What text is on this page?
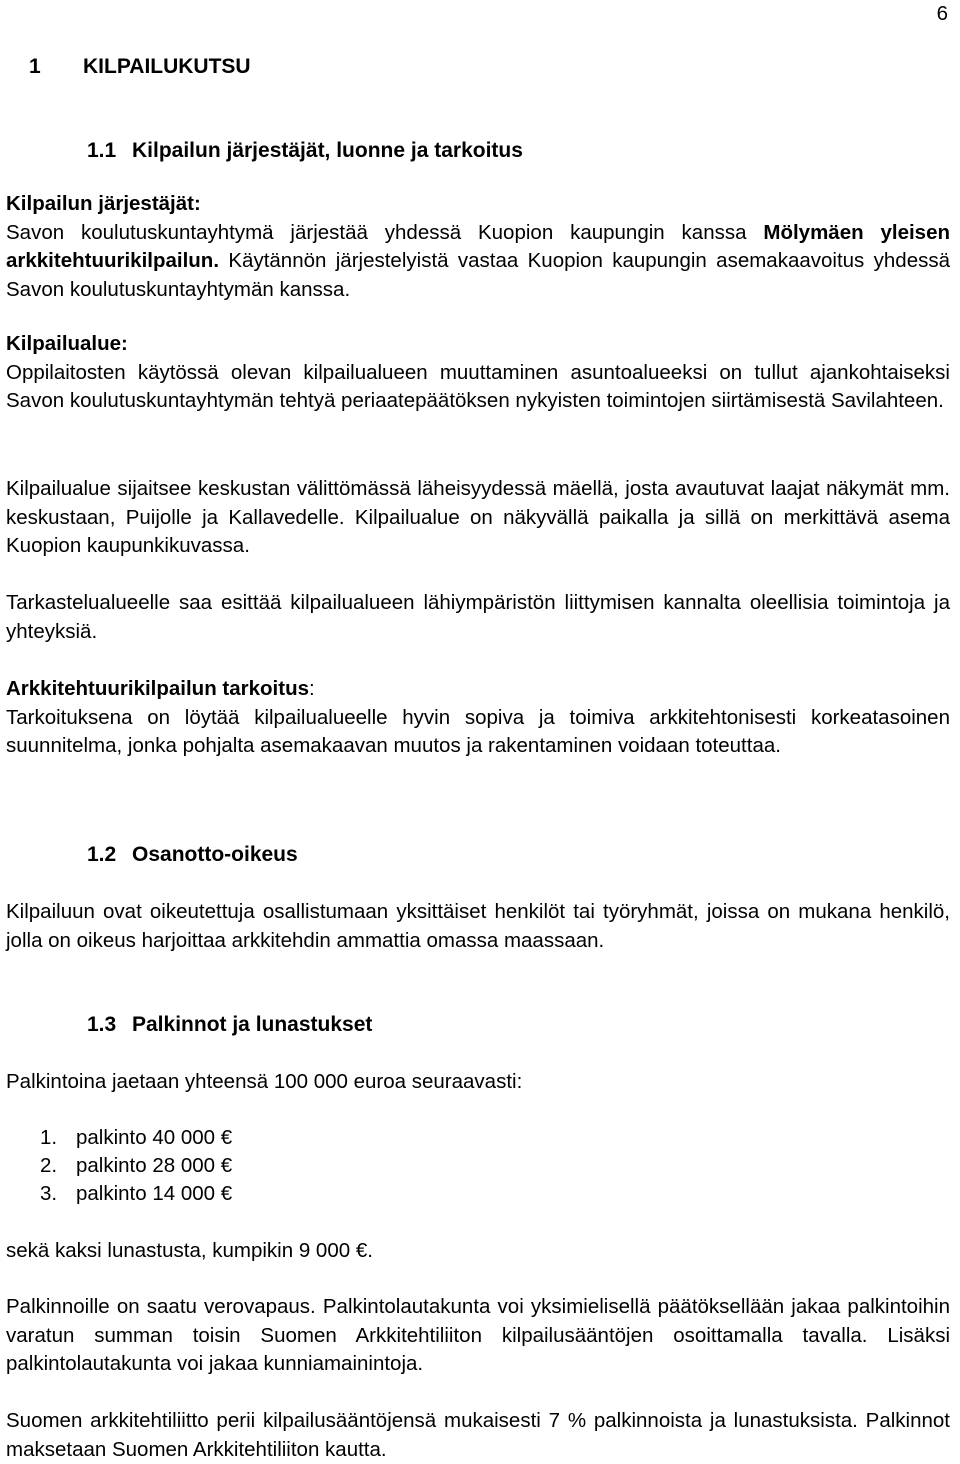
6
1 KILPAILUKUTSU
1.1 Kilpailun järjestäjät, luonne ja tarkoitus

Kilpailun järjestäjät:
Savon koulutuskuntayhtymä järjestää yhdessä Kuopion kaupungin kanssa Mölymäen yleisen arkkitehtuurikilpailun. Käytännön järjestelyistä vastaa Kuopion kaupungin asemakaavoitus yhdessä Savon koulutuskuntayhtymän kanssa.

Kilpailualue:
Oppilaitosten käytössä olevan kilpailualueen muuttaminen asuntoalueeksi on tullut ajankohtaiseksi Savon koulutuskuntayhtymän tehtyä periaatepäätöksen nykyisten toimintojen siirtämisestä Savilahteen.

Kilpailualue sijaitsee keskustan välittömässä läheisyydessä mäellä, josta avautuvat laajat näkymät mm. keskustaan, Puijolle ja Kallavedelle. Kilpailualue on näkyvällä paikalla ja sillä on merkittävä asema Kuopion kaupunkikuvassa.

Tarkastelualueelle saa esittää kilpailualueen lähiympäristön liittymisen kannalta oleellisia toimintoja ja yhteyksiä.

Arkkitehtuurikilpailun tarkoitus:
Tarkoituksena on löytää kilpailualueelle hyvin sopiva ja toimiva arkkitehtonisesti korkeatasoinen suunnitelma, jonka pohjalta asemakaavan muutos ja rakentaminen voidaan toteuttaa.

1.2 Osanotto-oikeus

Kilpailuun ovat oikeutettuja osallistumaan yksittäiset henkilöt tai työryhmät, joissa on mukana henkilö, jolla on oikeus harjoittaa arkkitehdin ammattia omassa maassaan.

1.3 Palkinnot ja lunastukset

Palkintoina jaetaan yhteensä 100 000 euroa seuraavasti:

1. palkinto 40 000 €
2. palkinto 28 000 €
3. palkinto 14 000 €

sekä kaksi lunastusta, kumpikin 9 000 €.

Palkinnoille on saatu verovapaus. Palkintolautakunta voi yksimielisellä päätöksellään jakaa palkintoihin varatun summan toisin Suomen Arkkitehtiliiton kilpailusääntöjen osoittamalla tavalla. Lisäksi palkintolautakunta voi jakaa kunniamainintoja.

Suomen arkkitehtiliitto perii kilpailusääntöjensä mukaisesti 7 % palkinnoista ja lunastuksista. Palkinnot maksetaan Suomen Arkkitehtiliiton kautta.
